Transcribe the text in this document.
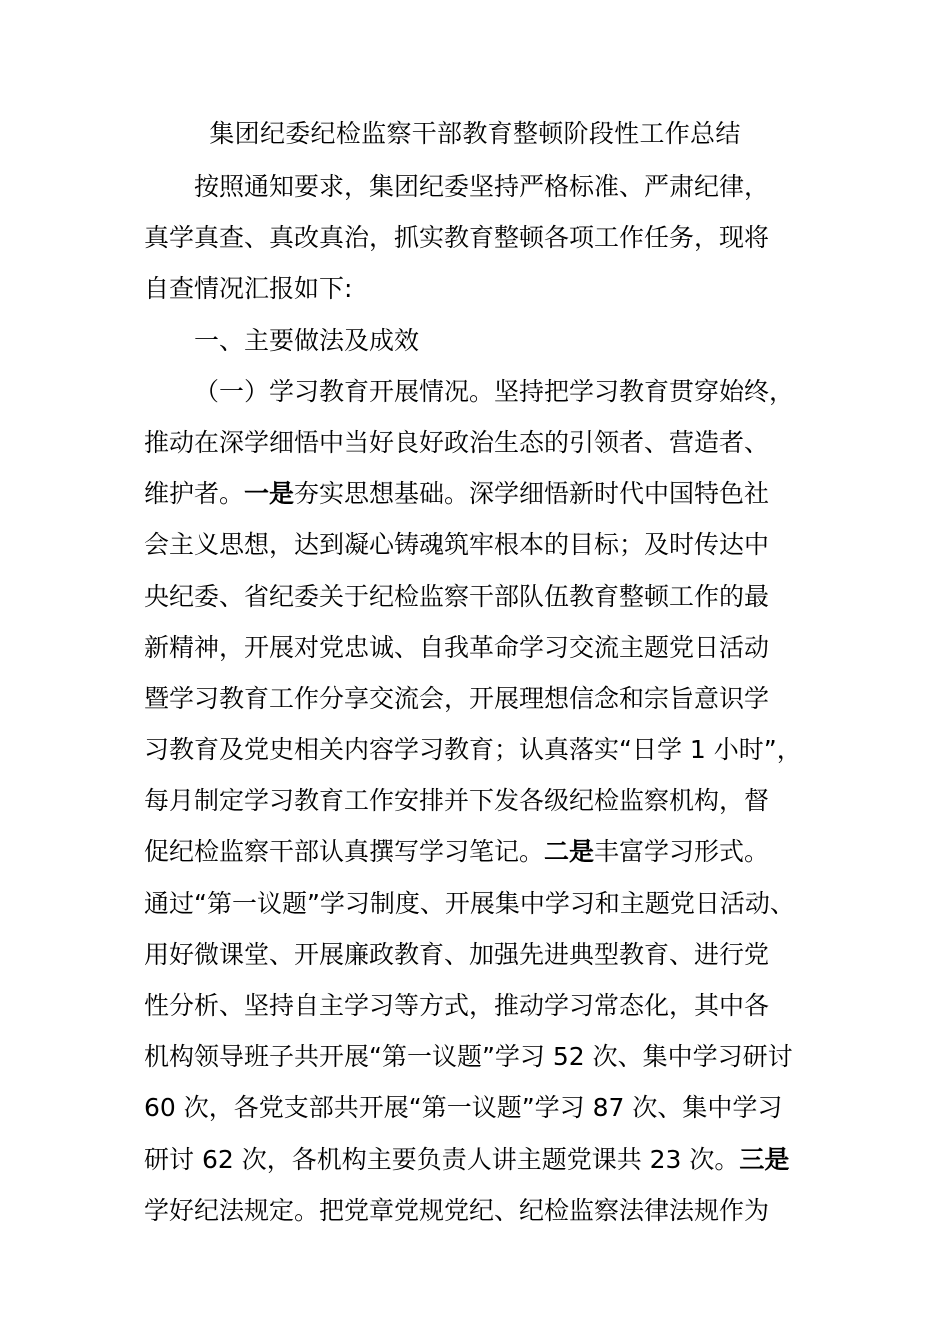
集团纪委纪检监察干部教育整顿阶段性工作总结
按照通知要求，集团纪委坚持严格标准、严肃纪律，
真学真查、真改真治，抓实教育整顿各项工作任务，现将
自查情况汇报如下:
一、主要做法及成效
（一）学习教育开展情况。坚持把学习教育贯穿始终，
推动在深学细悟中当好良好政治生态的引领者、营造者、
维护者。一是夯实思想基础。深学细悟新时代中国特色社
会主义思想，达到凝心铸魂筑牢根本的目标；及时传达中
央纪委、省纪委关于纪检监察干部队伍教育整顿工作的最
新精神，开展对党忠诚、自我革命学习交流主题党日活动
暨学习教育工作分享交流会，开展理想信念和宗旨意识学
习教育及党史相关内容学习教育；认真落实“日学 1 小时”，
每月制定学习教育工作安排并下发各级纪检监察机构，督
促纪检监察干部认真撰写学习笔记。二是丰富学习形式。
通过“第一议题”学习制度、开展集中学习和主题党日活动、
用好微课堂、开展廉政教育、加强先进典型教育、进行党
性分析、坚持自主学习等方式，推动学习常态化，其中各
机构领导班子共开展“第一议题”学习 52 次、集中学习研讨
60 次，各党支部共开展“第一议题”学习 87 次、集中学习
研讨 62 次，各机构主要负责人讲主题党课共 23 次。三是
学好纪法规定。把党章党规党纪、纪检监察法律法规作为
